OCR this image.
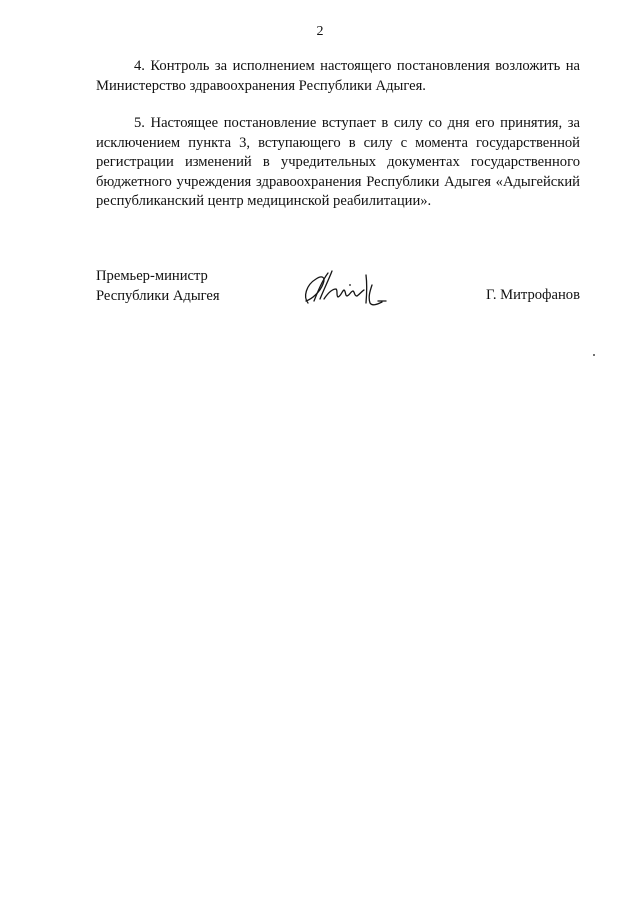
2

4. Контроль за исполнением настоящего постановления возложить на Министерство здравоохранения Республики Адыгея.

5. Настоящее постановление вступает в силу со дня его принятия, за исключением пункта 3, вступающего в силу с момента государственной регистрации изменений в учредительных документах государственного бюджетного учреждения здравоохранения Республики Адыгея «Адыгейский республиканский центр медицинской реабилитации».

Премьер-министр
Республики Адыгея	Г. Митрофанов
